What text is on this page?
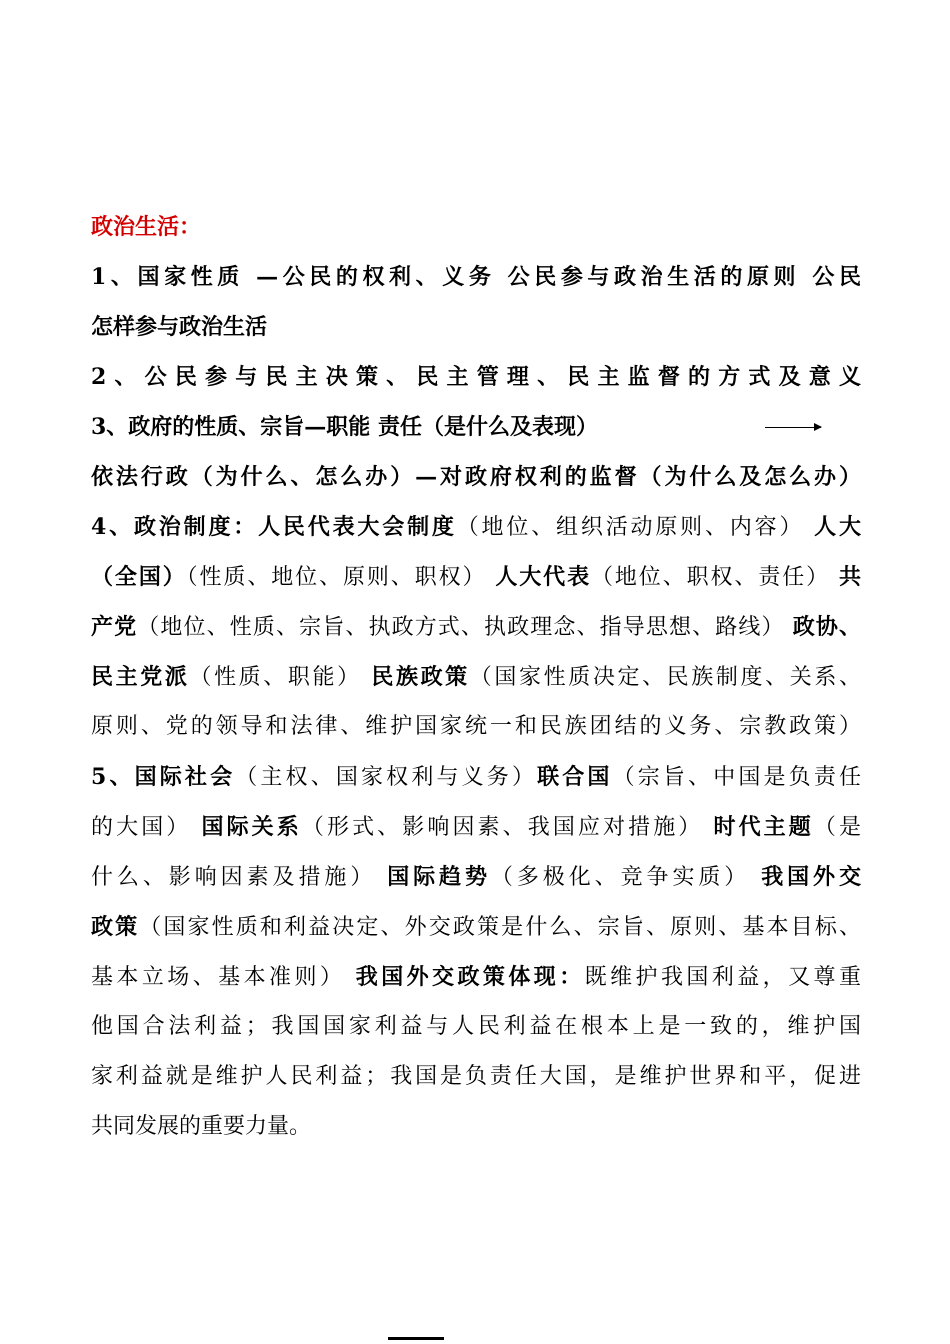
政治生活：
1、国家性质 —公民的权利、义务 公民参与政治生活的原则 公民
怎样参与政治生活
2、公民参与民主决策、民主管理、民主监督的方式及意义
3、政府的性质、宗旨—职能 责任（是什么及表现）
依法行政（为什么、怎么办）—对政府权利的监督（为什么及怎么办）
4、政治制度：人民代表大会制度（地位、组织活动原则、内容） 人大
（全国）（性质、地位、原则、职权） 人大代表（地位、职权、责任） 共
产党（地位、性质、宗旨、执政方式、执政理念、指导思想、路线） 政协、
民主党派（性质、职能） 民族政策（国家性质决定、民族制度、关系、
原则、党的领导和法律、维护国家统一和民族团结的义务、宗教政策）
5、国际社会（主权、国家权利与义务）联合国（宗旨、中国是负责任
的大国） 国际关系（形式、影响因素、我国应对措施） 时代主题（是
什么、影响因素及措施） 国际趋势（多极化、竞争实质） 我国外交
政策（国家性质和利益决定、外交政策是什么、宗旨、原则、基本目标、
基本立场、基本准则） 我国外交政策体现：既维护我国利益，又尊重
他国合法利益；我国国家利益与人民利益在根本上是一致的，维护国
家利益就是维护人民利益；我国是负责任大国，是维护世界和平，促进
共同发展的重要力量。
